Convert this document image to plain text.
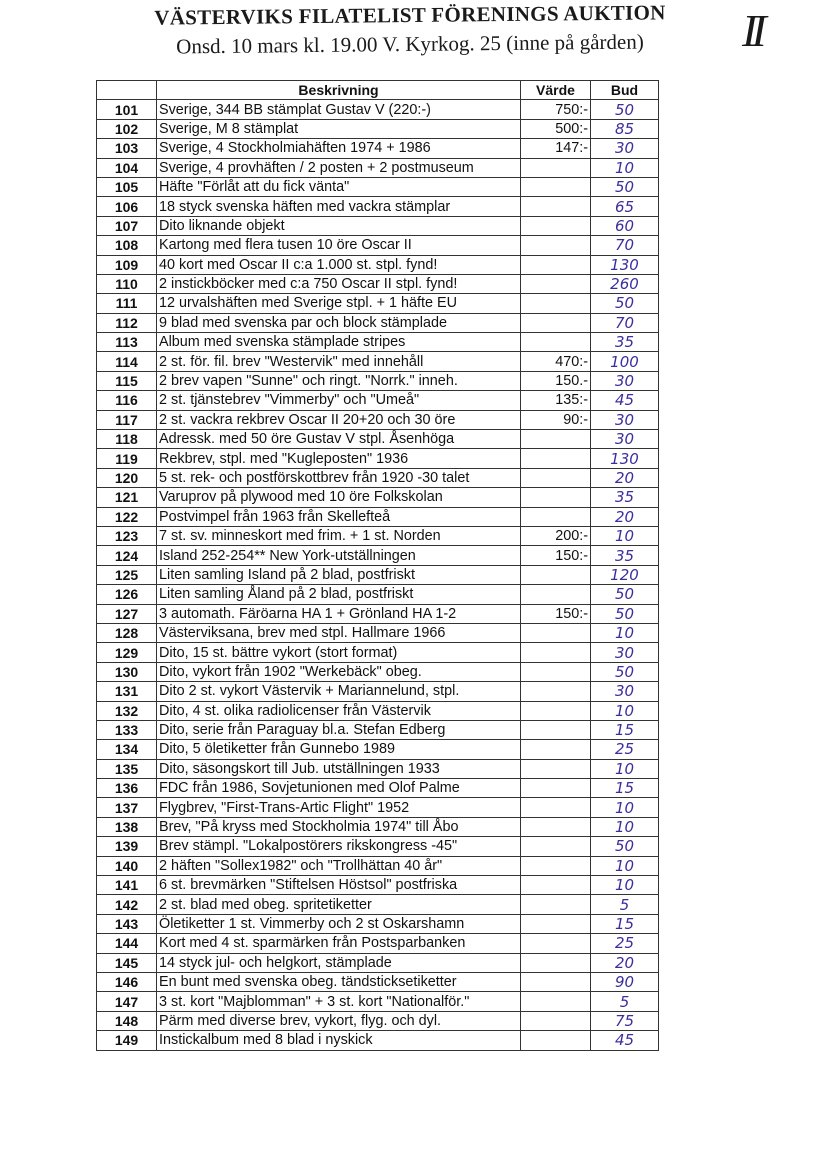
VÄSTERVIKS FILATELIST FÖRENINGS AUKTION
Onsd. 10 mars kl. 19.00 V. Kyrkog. 25 (inne på gården)	II
	Beskrivning	Värde	Bud
101	Sverige, 344 BB stämplat Gustav V (220:-)	750:-	50
102	Sverige, M 8 stämplat	500:-	85
103	Sverige, 4 Stockholmiahäften 1974 + 1986	147:-	30
104	Sverige, 4 provhäften / 2 posten + 2 postmuseum		10
105	Häfte "Förlåt att du fick vänta"		50
106	18 styck svenska häften med vackra stämplar		65
107	Dito liknande objekt		60
108	Kartong med flera tusen 10 öre Oscar II		70
109	40 kort med Oscar II c:a 1.000 st. stpl. fynd!		130
110	2 instickböcker med c:a 750 Oscar II stpl. fynd!		260
111	12 urvalshäften med Sverige stpl. + 1 häfte EU		50
112	9 blad med svenska par och block stämplade		70
113	Album med svenska stämplade stripes		35
114	2 st. för. fil. brev "Westervik" med innehåll	470:-	100
115	2 brev vapen "Sunne" och ringt. "Norrk." inneh.	150.-	30
116	2 st. tjänstebrev "Vimmerby" och "Umeå"	135:-	45
117	2 st. vackra rekbrev Oscar II 20+20 och 30 öre	90:-	30
118	Adressk. med 50 öre Gustav V stpl. Åsenhöga		30
119	Rekbrev, stpl. med "Kugleposten" 1936		130
120	5 st. rek- och postförskottbrev från 1920 -30 talet		20
121	Varuprov på plywood med 10 öre Folkskolan		35
122	Postvimpel från 1963 från Skellefteå		20
123	7 st. sv. minneskort med frim. + 1 st. Norden	200:-	10
124	Island 252-254** New York-utställningen	150:-	35
125	Liten samling Island på 2 blad, postfriskt		120
126	Liten samling Åland på 2 blad, postfriskt		50
127	3 automath. Färöarna HA 1 + Grönland HA 1-2	150:-	50
128	Västerviksana, brev med stpl. Hallmare 1966		10
129	Dito, 15 st. bättre vykort (stort format)		30
130	Dito, vykort från 1902 "Werkebäck" obeg.		50
131	Dito 2 st. vykort Västervik + Mariannelund, stpl.		30
132	Dito, 4 st. olika radiolicenser från Västervik		10
133	Dito, serie från Paraguay bl.a. Stefan Edberg		15
134	Dito, 5 öletiketter från Gunnebo 1989		25
135	Dito, säsongskort till Jub. utställningen 1933		10
136	FDC från 1986, Sovjetunionen med Olof Palme		15
137	Flygbrev, "First-Trans-Artic Flight" 1952		10
138	Brev, "På kryss med Stockholmia 1974" till Åbo		10
139	Brev stämpl. "Lokalpostörers rikskongress -45"		50
140	2 häften "Sollex1982" och "Trollhättan 40 år"		10
141	6 st. brevmärken "Stiftelsen Höstsol" postfriska		10
142	2 st. blad med obeg. spritetiketter		5
143	Öletiketter 1 st. Vimmerby och 2 st Oskarshamn		15
144	Kort med 4 st. sparmärken från Postsparbanken		25
145	14 styck jul- och helgkort, stämplade		20
146	En bunt med svenska obeg. tändsticksetiketter		90
147	3 st. kort "Majblomman" + 3 st. kort "Nationalför."		5
148	Pärm med diverse brev, vykort, flyg. och dyl.		75
149	Instickalbum med 8 blad i nyskick		45
